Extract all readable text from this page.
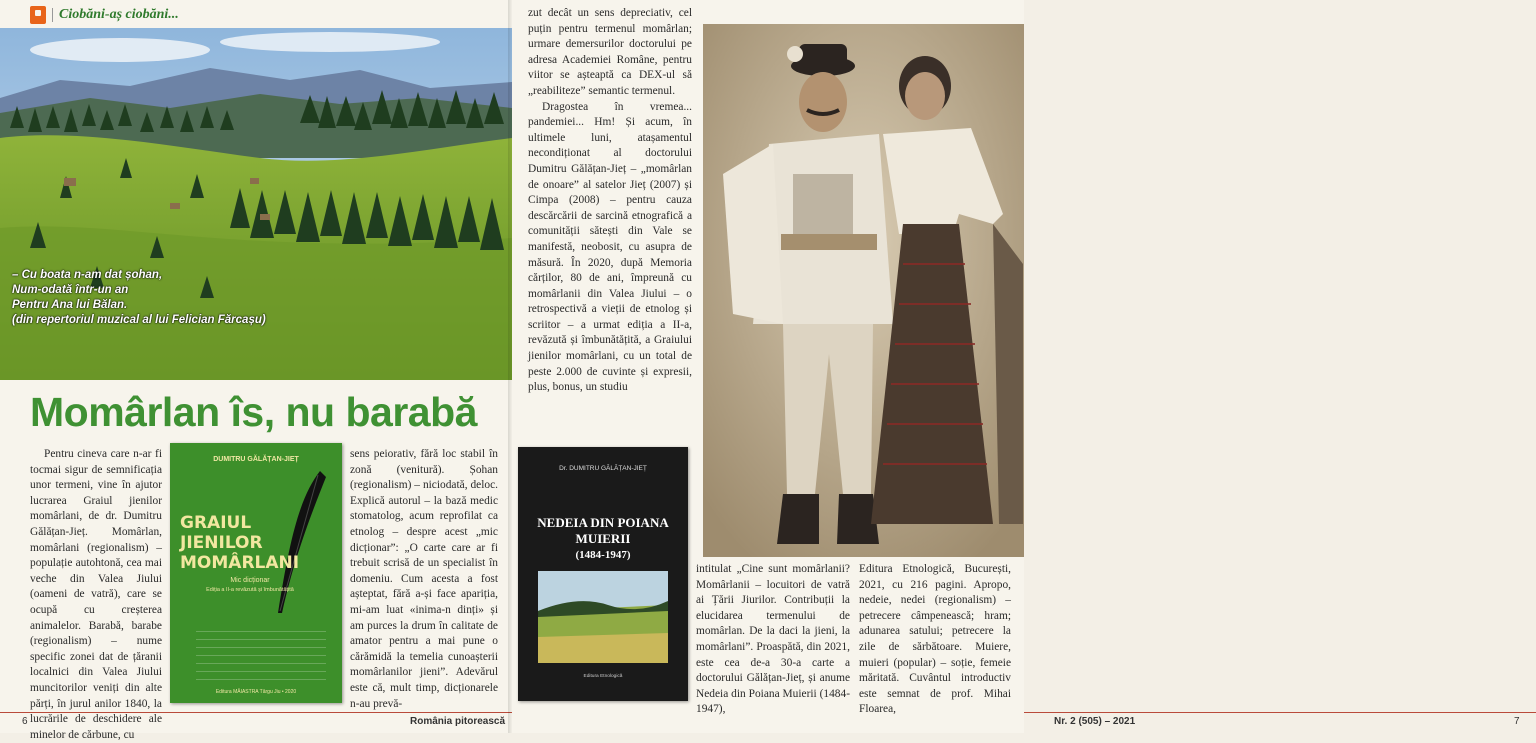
Ciobăni-aș ciobăni...
– Cu boata n-am dat șohan,
Num-odată într-un an
Pentru Ana lui Bălan.
(din repertoriul muzical al lui Felician Fărcașu)
Momârlan îs, nu barabă

Pentru cineva care n-ar fi tocmai sigur de semnificația unor termeni, vine în ajutor lucrarea Graiul jienilor momârlani, de dr. Dumitru Gălățan-Jieț. Momârlan, momârlani (regionalism) – populație autohtonă, cea mai veche din Valea Jiului (oameni de vatră), care se ocupă cu creșterea animalelor. Barabă, barabe (regionalism) – nume specific zonei dat de țăranii localnici din Valea Jiului muncitorilor veniți din alte părți, în jurul anilor 1840, la lucrările de deschidere ale minelor de cărbune, cu

DUMITRU GĂLĂȚAN-JIEȚ
GRAIUL
JIENILOR
MOMÂRLANI
Mic dicționar
Ediția a II-a revăzută și îmbunătățită
Editura MĂIASTRA Târgu Jiu • 2020

sens peiorativ, fără loc stabil în zonă (venitură). Șohan (regionalism) – niciodată, deloc. Explică autorul – la bază medic stomatolog, acum reprofilat ca etnolog – despre acest „mic dicționar”: „O carte care ar fi trebuit scrisă de un specialist în domeniu. Cum acesta a fost așteptat, fără a-și face apariția, mi-am luat «inima-n dinți» și am purces la drum în calitate de amator pentru a mai pune o cărămidă la temelia cunoașterii momârlanilor jieni”. Adevărul este că, mult timp, dicționarele n-au prevă-

6	România pitorească

zut decât un sens depreciativ, cel puțin pentru termenul momârlan; urmare demersurilor doctorului pe adresa Academiei Române, pentru viitor se așteaptă ca DEX-ul să „reabiliteze” semantic termenul.

Dragostea în vremea... pandemiei... Hm! Și acum, în ultimele luni, atașamentul necondiționat al doctorului Dumitru Gălățan-Jieț – „momârlan de onoare” al satelor Jieț (2007) și Cimpa (2008) – pentru cauza descărcării de sarcină etnografică a comunității sătești din Vale se manifestă, neobosit, cu asupra de măsură. În 2020, după Memoria cărților, 80 de ani, împreună cu momârlanii din Valea Jiului – o retrospectivă a vieții de etnolog și scriitor – a urmat ediția a II-a, revăzută și îmbunătățită, a Graiului jienilor momârlani, cu un total de peste 2.000 de cuvinte și expresii, plus, bonus, un studiu

Dr. DUMITRU GĂLĂȚAN-JIEȚ
NEDEIA DIN POIANA
MUIERII
(1484-1947)
Editura Etnologică

intitulat „Cine sunt momârlanii? Momârlanii – locuitori de vatră ai Țării Jiurilor. Contribuții la elucidarea termenului de momârlan. De la daci la jieni, la momârlani”. Proaspătă, din 2021, este cea de-a 30-a carte a doctorului Gălățan-Jieț, și anume Nedeia din Poiana Muierii (1484-1947),

Editura Etnologică, București, 2021, cu 216 pagini. Apropo, nedeie, nedei (regionalism) – petrecere câmpenească; hram; adunarea satului; petrecere la zile de sărbătoare. Muiere, muieri (popular) – soție, femeie măritată. Cuvântul introductiv este semnat de prof. Mihai Floarea,

Nr. 2 (505) – 2021	7
